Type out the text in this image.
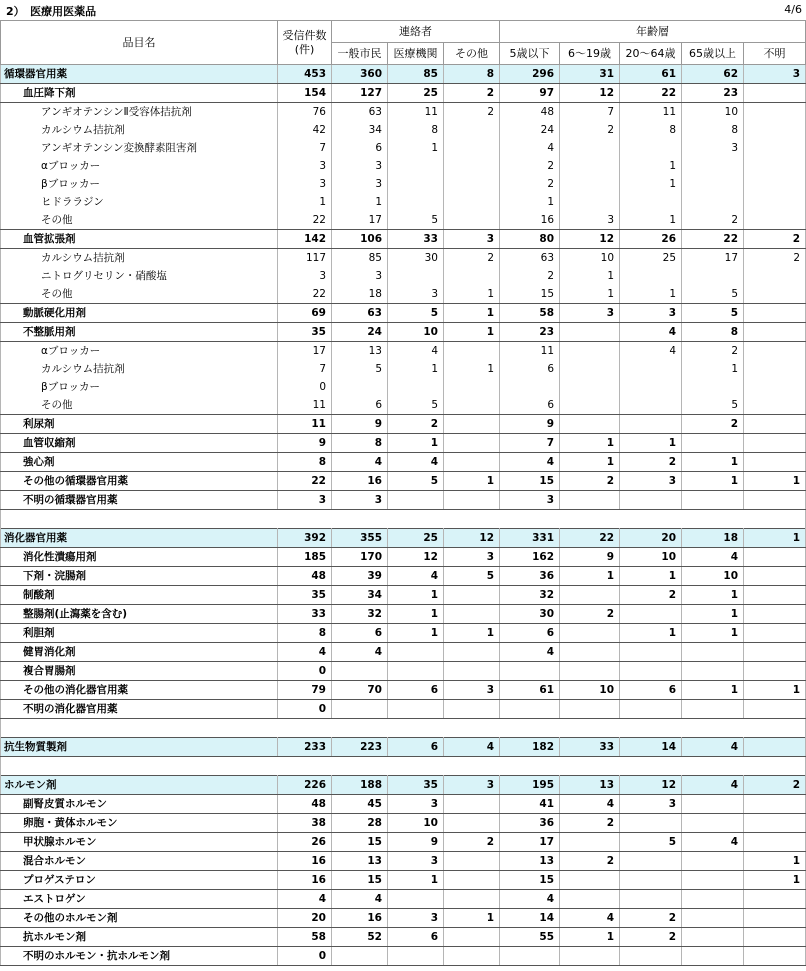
2）　医療用医薬品	4/6
品目名	受信件数
(件)	連絡者			年齢層				
		一般市民	医療機関	その他	5歳以下	6～19歳	20～64歳	65歳以上	不明
循環器官用薬	453	360	85	8	296	31	61	62	3
血圧降下剤	154	127	25	2	97	12	22	23	
アンギオテンシンⅡ受容体拮抗剤	76	63	11	2	48	7	11	10	
カルシウム拮抗剤	42	34	8		24	2	8	8	
アンギオテンシン変換酵素阻害剤	7	6	1		4			3	
αブロッカー	3	3			2		1		
βブロッカー	3	3			2		1		
ヒドララジン	1	1			1				
その他	22	17	5		16	3	1	2	
血管拡張剤	142	106	33	3	80	12	26	22	2
カルシウム拮抗剤	117	85	30	2	63	10	25	17	2
ニトログリセリン・硝酸塩	3	3			2	1			
その他	22	18	3	1	15	1	1	5	
動脈硬化用剤	69	63	5	1	58	3	3	5	
不整脈用剤	35	24	10	1	23		4	8	
αブロッカー	17	13	4		11		4	2	
カルシウム拮抗剤	7	5	1	1	6			1	
βブロッカー	0								
その他	11	6	5		6			5	
利尿剤	11	9	2		9			2	
血管収縮剤	9	8	1		7	1	1		
強心剤	8	4	4		4	1	2	1	
その他の循環器官用薬	22	16	5	1	15	2	3	1	1
不明の循環器官用薬	3	3			3				

消化器官用薬	392	355	25	12	331	22	20	18	1
消化性潰瘍用剤	185	170	12	3	162	9	10	4	
下剤・浣腸剤	48	39	4	5	36	1	1	10	
制酸剤	35	34	1		32		2	1	
整腸剤(止瀉薬を含む)	33	32	1		30	2		1	
利胆剤	8	6	1	1	6		1	1	
健胃消化剤	4	4			4				
複合胃腸剤	0								
その他の消化器官用薬	79	70	6	3	61	10	6	1	1
不明の消化器官用薬	0								

抗生物質製剤	233	223	6	4	182	33	14	4	

ホルモン剤	226	188	35	3	195	13	12	4	2
副腎皮質ホルモン	48	45	3		41	4	3		
卵胞・黄体ホルモン	38	28	10		36	2			
甲状腺ホルモン	26	15	9	2	17		5	4	
混合ホルモン	16	13	3		13	2			1
プロゲステロン	16	15	1		15				1
エストロゲン	4	4			4				
その他のホルモン剤	20	16	3	1	14	4	2		
抗ホルモン剤	58	52	6		55	1	2		
不明のホルモン・抗ホルモン剤	0								
